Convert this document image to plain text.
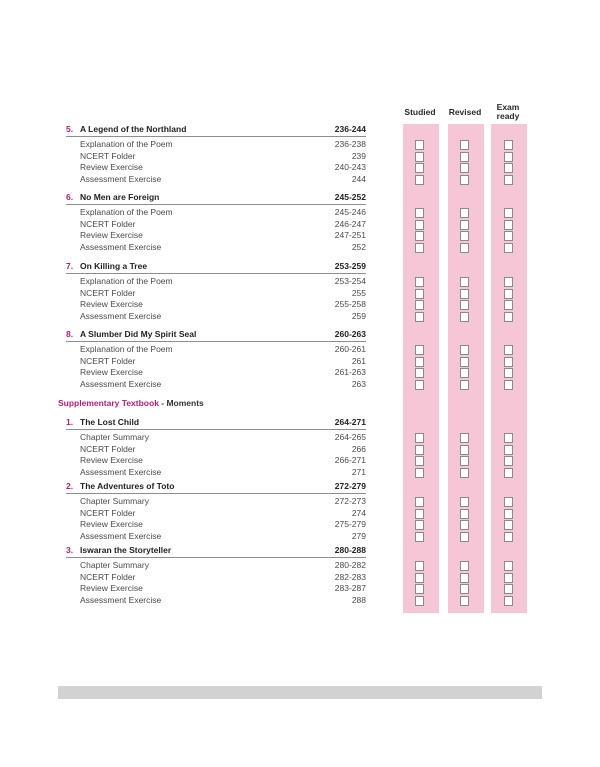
Studied	Revised	Exam
ready
5. A Legend of the Northland	236-244
Explanation of the Poem	236-238
NCERT Folder	239
Review Exercise	240-243
Assessment Exercise	244
6. No Men are Foreign	245-252
Explanation of the Poem	245-246
NCERT Folder	246-247
Review Exercise	247-251
Assessment Exercise	252
7. On Killing a Tree	253-259
Explanation of the Poem	253-254
NCERT Folder	255
Review Exercise	255-258
Assessment Exercise	259
8. A Slumber Did My Spirit Seal	260-263
Explanation of the Poem	260-261
NCERT Folder	261
Review Exercise	261-263
Assessment Exercise	263
1. The Lost Child	264-271
Chapter Summary	264-265
NCERT Folder	266
Review Exercise	266-271
Assessment Exercise	271
2. The Adventures of Toto	272-279
Chapter Summary	272-273
NCERT Folder	274
Review Exercise	275-279
Assessment Exercise	279
3. Iswaran the Storyteller	280-288
Chapter Summary	280-282
NCERT Folder	282-283
Review Exercise	283-287
Assessment Exercise	288
Supplementary Textbook - Moments
